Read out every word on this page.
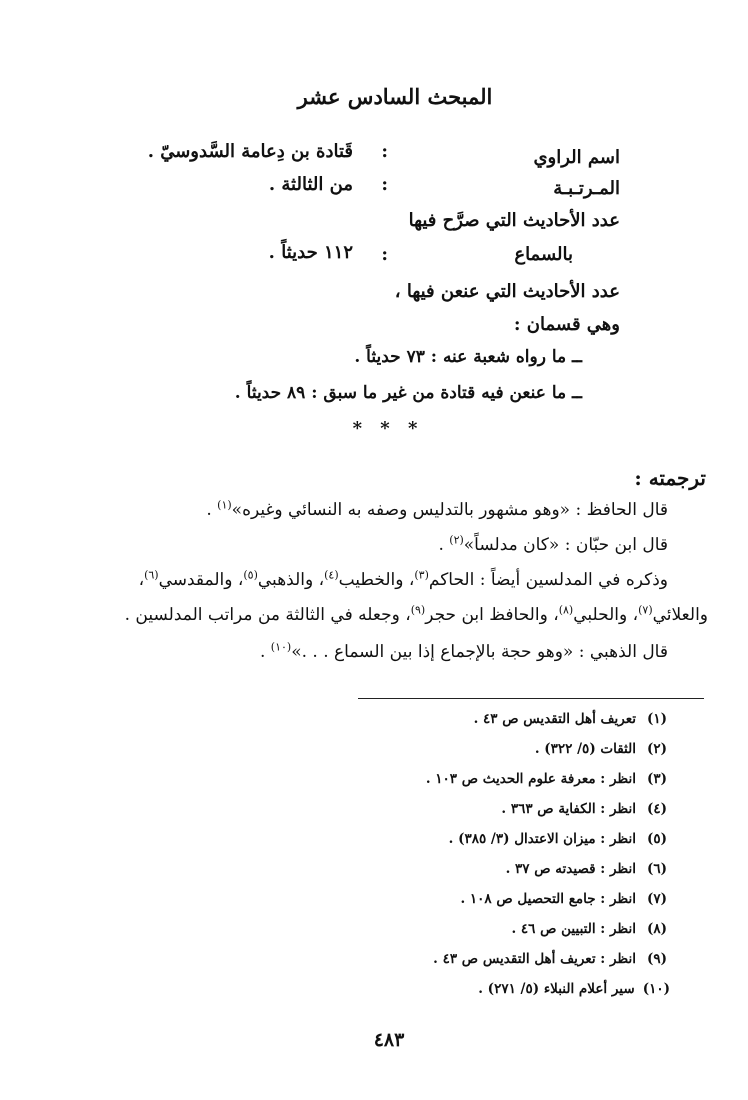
المبحث السادس عشر
اسم الراوي
:
قَتادة بن دِعامة السَّدوسيّ .
المـرتـبـة
:
من الثالثة .
عدد الأحاديث التي صرَّح فيها
بالسماع
:
١١٢ حديثاً .
عدد الأحاديث التي عنعن فيها ،
وهي قسمان :
ــ ما رواه شعبة عنه : ٧٣ حديثاً .
ــ ما عنعن فيه قتادة من غير ما سبق : ٨٩ حديثاً .
* * *
ترجمته :
قال الحافظ : «وهو مشهور بالتدليس وصفه به النسائي وغيره»$^{(١)}$ .
قال ابن حبّان : «كان مدلساً»$^{(٢)}$ .
وذكره في المدلسين أيضاً : الحاكم$^{(٣)}$، والخطيب$^{(٤)}$، والذهبي$^{(٥)}$، والمقدسي$^{(٦)}$،
والعلائي$^{(٧)}$، والحلبي$^{(٨)}$، والحافظ ابن حجر$^{(٩)}$، وجعله في الثالثة من مراتب المدلسين .
قال الذهبي : «وهو حجة بالإجماع إذا بين السماع . . .»$^{(١٠)}$ .
(١)تعريف أهل التقديس ص ٤٣ .
(٢)الثقات (٥/ ٣٢٢) .
(٣)انظر : معرفة علوم الحديث ص ١٠٣ .
(٤)انظر : الكفاية ص ٣٦٣ .
(٥)انظر : ميزان الاعتدال (٣/ ٣٨٥) .
(٦)انظر : قصيدته ص ٣٧ .
(٧)انظر : جامع التحصيل ص ١٠٨ .
(٨)انظر : التبيين ص ٤٦ .
(٩)انظر : تعريف أهل التقديس ص ٤٣ .
(١٠)سير أعلام النبلاء (٥/ ٢٧١) .
٤٨٣
